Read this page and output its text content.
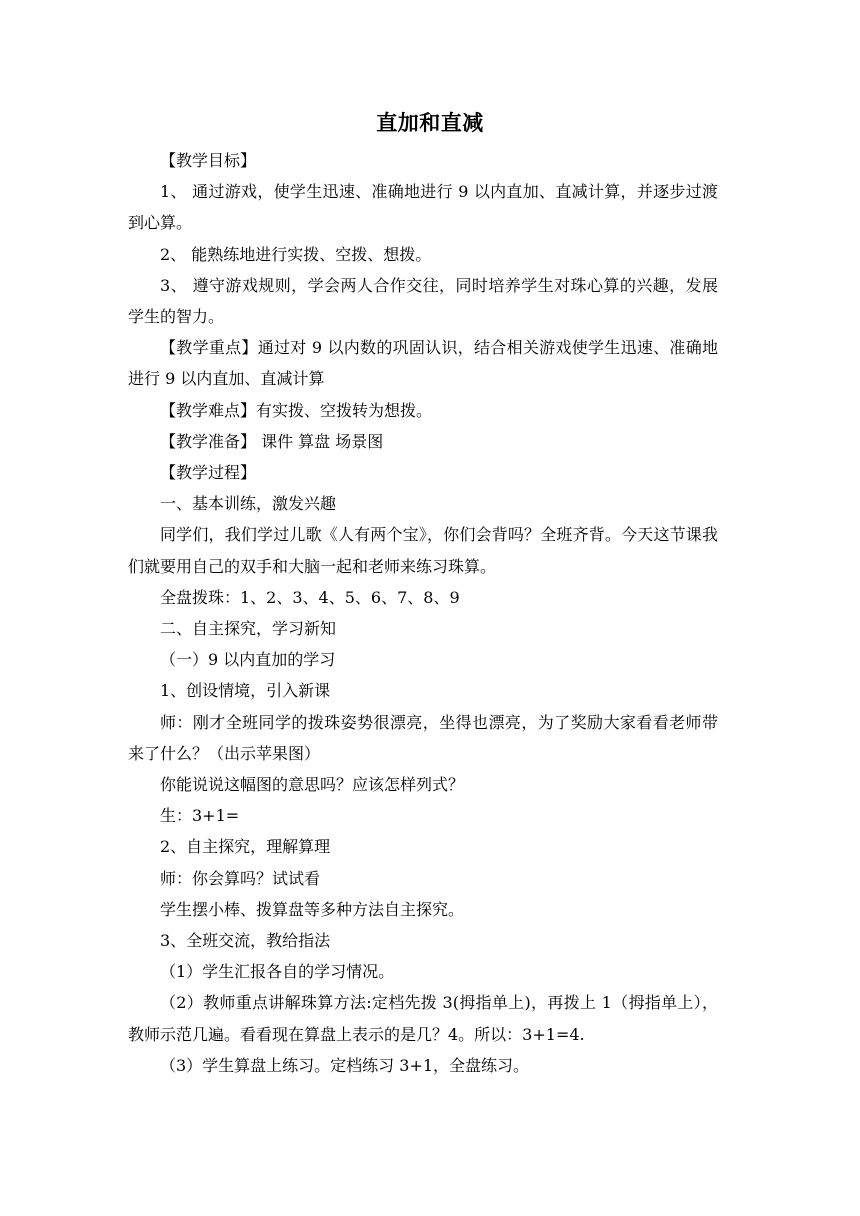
直加和直减

【教学目标】

1、 通过游戏，使学生迅速、准确地进行 9 以内直加、直减计算，并逐步过渡到心算。

2、 能熟练地进行实拨、空拨、想拨。

3、 遵守游戏规则，学会两人合作交往，同时培养学生对珠心算的兴趣，发展学生的智力。

【教学重点】通过对 9 以内数的巩固认识，结合相关游戏使学生迅速、准确地进行 9 以内直加、直减计算

【教学难点】有实拨、空拨转为想拨。

【教学准备】 课件 算盘 场景图

【教学过程】

一、基本训练，激发兴趣

同学们，我们学过儿歌《人有两个宝》，你们会背吗？全班齐背。今天这节课我们就要用自己的双手和大脑一起和老师来练习珠算。

全盘拨珠：1、2、3、4、5、6、7、8、9

二、自主探究，学习新知

（一）9 以内直加的学习

1、创设情境，引入新课

师：刚才全班同学的拨珠姿势很漂亮，坐得也漂亮，为了奖励大家看看老师带来了什么？（出示苹果图）

你能说说这幅图的意思吗？应该怎样列式？

生：3+1=

2、自主探究，理解算理

师：你会算吗？试试看

学生摆小棒、拨算盘等多种方法自主探究。

3、全班交流，教给指法

（1）学生汇报各自的学习情况。

（2）教师重点讲解珠算方法:定档先拨 3(拇指单上)，再拨上 1（拇指单上），教师示范几遍。看看现在算盘上表示的是几？4。所以：3+1=4.

（3）学生算盘上练习。定档练习 3+1，全盘练习。
